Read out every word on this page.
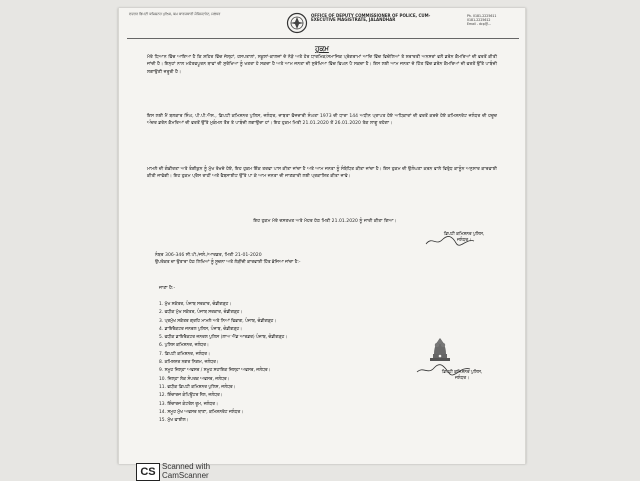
ਦਫਤਰ ਡਿਪਟੀ ਕਮਿਸ਼ਨਰ ਪੁਲਿਸ, ਕਮ ਕਾਰਜਕਾਰੀ ਮੈਜਿਸਟਰੇਟ, ਜਲੰਧਰ	OFFICE OF DEPUTY COMMISSIONER OF POLICE, CUM-EXECUTIVE MAGISTRATE, JALANDHAR
Ph. 0181-2225611
0181-2225612
Email - dcp@...
ਹੁਕਮ
ਮੇਰੇ ਧਿਆਨ ਵਿੱਚ ਆਇਆ ਹੈ ਕਿ ਸ਼ਹਿਰ ਵਿੱਚ ਜੇਲ੍ਹਾਂ, ਹਸਪਤਾਲਾਂ, ਸਕੂਲਾਂ-ਕਾਲਜਾਂ ਦੇ ਨੇੜੇ ਅਤੇ ਹੋਰ ਧਾਰਮਿਕ/ਸਮਾਜਿਕ ਪ੍ਰੋਗਰਾਮਾਂ ਆਦਿ ਵਿੱਚ ਵਿਚੋਲਿਆਂ ਤੇ ਸ਼ਰਾਰਤੀ ਅਨਸਰਾਂ ਵਲੋਂ ਡਰੋਨ ਕੈਮਰਿਆਂ ਦੀ ਵਰਤੋਂ ਕੀਤੀ ਜਾਂਦੀ ਹੈ। ਇਨ੍ਹਾਂ ਨਾਲ ਮਹੱਤਵਪੂਰਨ ਥਾਵਾਂ ਦੀ ਸੁਰੱਖਿਆ ਨੂੰ ਖਤਰਾ ਹੋ ਸਕਦਾ ਹੈ ਅਤੇ ਆਮ ਜਨਤਾ ਦੀ ਸੁਰੱਖਿਆ ਵਿੱਚ ਵਿਘਨ ਪੈ ਸਕਦਾ ਹੈ। ਇਸ ਲਈ ਆਮ ਜਨਤਾ ਦੇ ਹਿੱਤ ਵਿੱਚ ਡਰੋਨ ਕੈਮਰਿਆਂ ਦੀ ਵਰਤੋਂ ਉੱਤੇ ਪਾਬੰਦੀ ਲਗਾਉਣੀ ਜ਼ਰੂਰੀ ਹੈ।
ਇਸ ਲਈ ਮੈਂ ਬਲਕਾਰ ਸਿੰਘ, ਪੀ.ਪੀ.ਐਸ., ਡਿਪਟੀ ਕਮਿਸ਼ਨਰ ਪੁਲਿਸ, ਜਲੰਧਰ, ਜ਼ਾਬਤਾ ਫੌਜਦਾਰੀ ਸੰਘਤਾ 1973 ਦੀ ਧਾਰਾ 144 ਅਧੀਨ ਪ੍ਰਾਪਤ ਹੋਏ ਅਧਿਕਾਰਾਂ ਦੀ ਵਰਤੋਂ ਕਰਦੇ ਹੋਏ ਕਮਿਸ਼ਨਰੇਟ ਜਲੰਧਰ ਦੀ ਹਦੂਦ ਅੰਦਰ ਡਰੋਨ ਕੈਮਰਿਆਂ ਦੀ ਵਰਤੋਂ ਉੱਤੇ ਮੁਕੰਮਲ ਤੌਰ ਤੇ ਪਾਬੰਦੀ ਲਗਾਉਂਦਾ ਹਾਂ। ਇਹ ਹੁਕਮ ਮਿਤੀ 21.01.2020 ਤੋਂ 26.01.2020 ਤੱਕ ਲਾਗੂ ਰਹੇਗਾ।
ਮਾਮਲੇ ਦੀ ਗੰਭੀਰਤਾ ਅਤੇ ਤੰਗੀਕੁਨ ਨੂੰ ਮੁੱਖ ਰੱਖਦੇ ਹੋਏ, ਇਹ ਹੁਕਮ ਇੱਕ ਤਰਫਾ ਪਾਸ ਕੀਤਾ ਜਾਂਦਾ ਹੈ ਅਤੇ ਆਮ ਜਨਤਾ ਨੂੰ ਸੰਬੋਧਿਤ ਕੀਤਾ ਜਾਂਦਾ ਹੈ। ਇਸ ਹੁਕਮ ਦੀ ਉਲੰਘਣਾ ਕਰਨ ਵਾਲੇ ਵਿਰੁੱਧ ਕਾਨੂੰਨ ਅਨੁਸਾਰ ਕਾਰਵਾਈ ਕੀਤੀ ਜਾਵੇਗੀ। ਇਹ ਹੁਕਮ ਪ੍ਰੈਸ ਰਾਹੀਂ ਅਤੇ ਵੈਬਸਾਈਟ ਉੱਤੇ ਪਾ ਕੇ ਆਮ ਜਨਤਾ ਦੀ ਜਾਣਕਾਰੀ ਲਈ ਪ੍ਰਕਾਸ਼ਿਤ ਕੀਤਾ ਜਾਵੇ।
ਇਹ ਹੁਕਮ ਮੇਰੇ ਦਸਤਖਤ ਅਤੇ ਮੋਹਰ ਹੇਠ ਮਿਤੀ 21.01.2020 ਨੂੰ ਜਾਰੀ ਕੀਤਾ ਗਿਆ।
ਡਿਪਟੀ ਕਮਿਸ਼ਨਰ ਪੁਲਿਸ,
ਜਲੰਧਰ।
ਨੰਬਰ 306-346 ਸੀ.ਪੀ./ਜਲੰ./ਆਰਡਰ, ਮਿਤੀ 21-01-2020
ਉਪਰੋਕਤ ਦਾ ਉਤਾਰਾ ਹੇਠ ਲਿਖਿਆਂ ਨੂੰ ਸੂਚਨਾ ਅਤੇ ਲੋੜੀਂਦੀ ਕਾਰਵਾਈ ਹਿੱਤ ਭੇਜਿਆ ਜਾਂਦਾ ਹੈ:-
ਜਾਣਾ ਹੈ:-
1. ਮੁੱਖ ਸਕੱਤਰ, ਪੰਜਾਬ ਸਰਕਾਰ, ਚੰਡੀਗੜ੍ਹ।
2. ਵਧੀਕ ਮੁੱਖ ਸਕੱਤਰ, ਪੰਜਾਬ ਸਰਕਾਰ, ਚੰਡੀਗੜ੍ਹ।
3. ਪ੍ਰਮੁੱਖ ਸਕੱਤਰ ਗ੍ਰਹਿ ਮਾਮਲੇ ਅਤੇ ਨਿਆਂ ਵਿਭਾਗ, ਪੰਜਾਬ, ਚੰਡੀਗੜ੍ਹ।
4. ਡਾਇਰੈਕਟਰ ਜਨਰਲ ਪੁਲਿਸ, ਪੰਜਾਬ, ਚੰਡੀਗੜ੍ਹ।
5. ਵਧੀਕ ਡਾਇਰੈਕਟਰ ਜਨਰਲ ਪੁਲਿਸ (ਲਾਅ ਐਂਡ ਆਰਡਰ) ਪੰਜਾਬ, ਚੰਡੀਗੜ੍ਹ।
6. ਪੁਲਿਸ ਕਮਿਸ਼ਨਰ, ਜਲੰਧਰ।
7. ਡਿਪਟੀ ਕਮਿਸ਼ਨਰ, ਜਲੰਧਰ।
8. ਕਮਿਸ਼ਨਰ ਨਗਰ ਨਿਗਮ, ਜਲੰਧਰ।
9. ਸਮੂਹ ਜ਼ਿਲ੍ਹਾ ਅਫਸਰ / ਸਮੂਹ ਸਹਾਇਕ ਜ਼ਿਲ੍ਹਾ ਅਫਸਰ, ਜਲੰਧਰ।
10. ਜ਼ਿਲ੍ਹਾ ਲੋਕ ਸੰਪਰਕ ਅਫਸਰ, ਜਲੰਧਰ।
11. ਵਧੀਕ ਡਿਪਟੀ ਕਮਿਸ਼ਨਰ ਪੁਲਿਸ, ਜਲੰਧਰ।
12. ਇੰਚਾਰਜ ਕੰਪਿਊਟਰ ਸੈਲ, ਜਲੰਧਰ।
13. ਇੰਚਾਰਜ ਕੰਟਰੋਲ ਰੂਮ, ਜਲੰਧਰ।
14. ਸਮੂਹ ਮੁੱਖ ਅਫਸਰ ਥਾਣਾ, ਕਮਿਸ਼ਨਰੇਟ ਜਲੰਧਰ।
15. ਮੁੱਖ ਫਾਈਲ।
ਡਿਪਟੀ ਕਮਿਸ਼ਨਰ ਪੁਲਿਸ,
ਜਲੰਧਰ।
CS Scanned with
CamScanner
